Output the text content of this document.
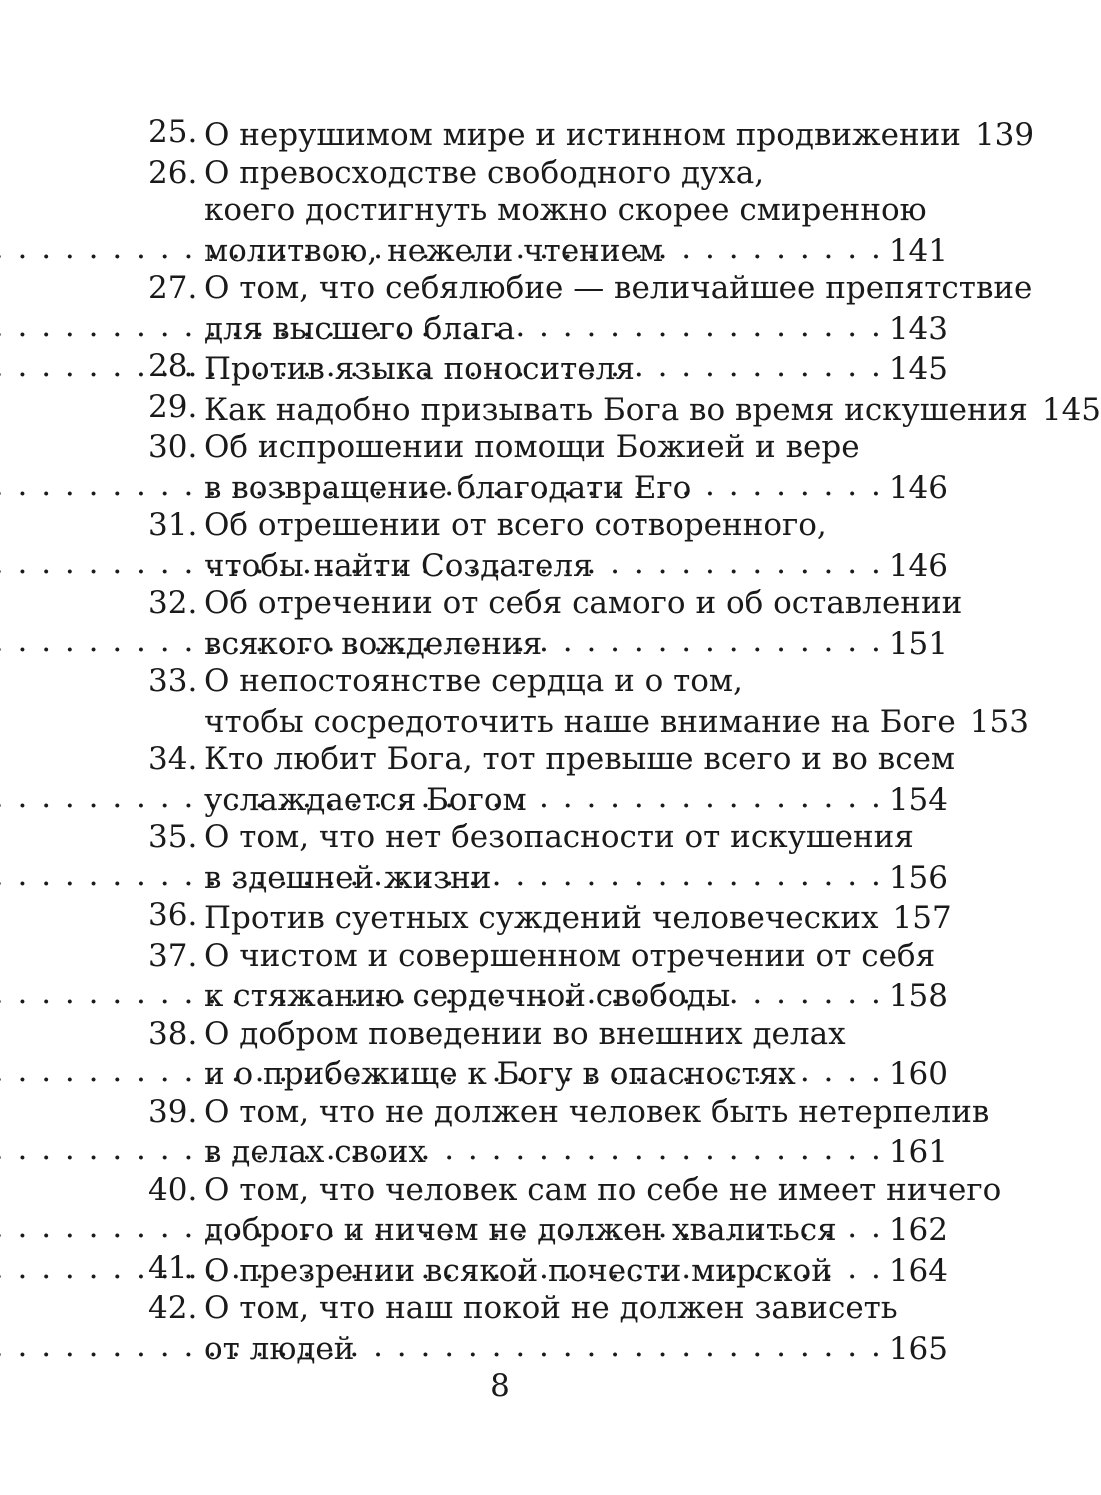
25. О нерушимом мире и истинном продвижении 139
26. О превосходстве свободного духа,
коего достигнуть можно скорее смиренною
молитвою, нежели чтением . . .	141
27. О том, что себялюбие — величайшее препятствие
для высшего блага . . .	143
28. Против языка поносителя . . .	145
29. Как надобно призывать Бога во время искушения 145
30. Об испрошении помощи Божией и вере
в возвращение благодати Его . . .	146
31. Об отрешении от всего сотворенного,
чтобы найти Создателя . . .	146
32. Об отречении от себя самого и об оставлении
всякого вожделения . . .	151
33. О непостоянстве сердца и о том,
чтобы сосредоточить наше внимание на Боге 153
34. Кто любит Бога, тот превыше всего и во всем
услаждается Богом . . .	154
35. О том, что нет безопасности от искушения
в здешней жизни . . .	156
36. Против суетных суждений человеческих 157
37. О чистом и совершенном отречении от себя
к стяжанию сердечной свободы . . .	158
38. О добром поведении во внешних делах
и о прибежище к Богу в опасностях . . .	160
39. О том, что не должен человек быть нетерпелив
в делах своих . . .	161
40. О том, что человек сам по себе не имеет ничего
доброго и ничем не должен хвалиться . . . 162
41. О презрении всякой почести мирской . . . 164
42. О том, что наш покой не должен зависеть
от людей . . .	165
8
